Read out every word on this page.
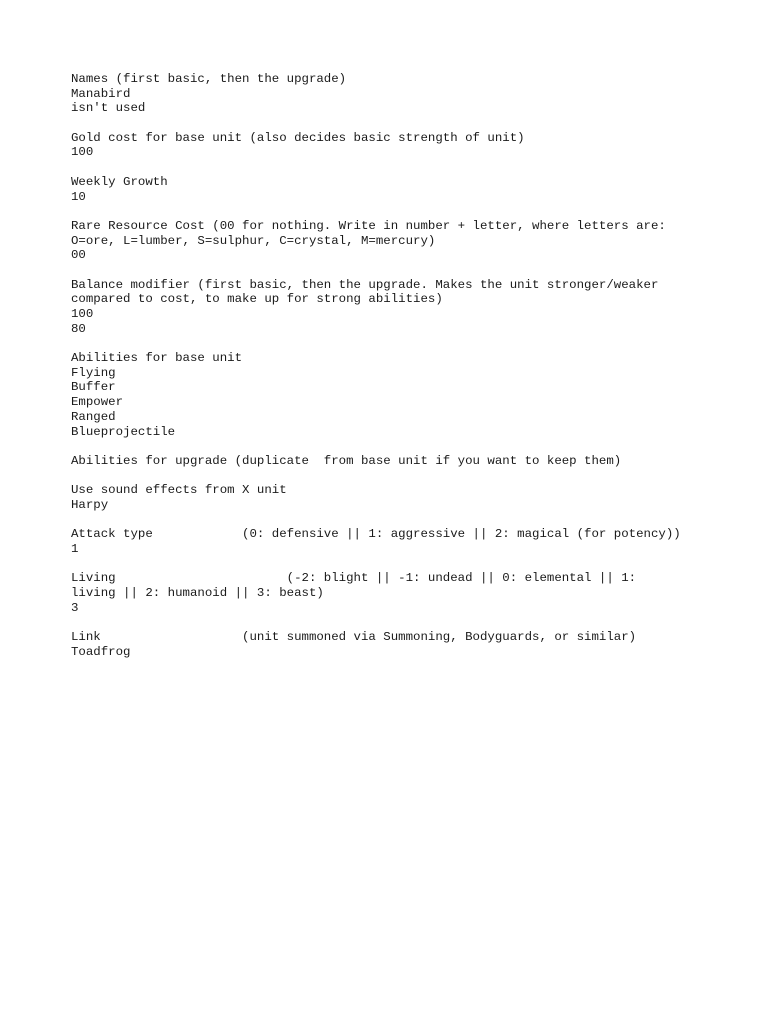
Names (first basic, then the upgrade)
Manabird
isn't used
Gold cost for base unit (also decides basic strength of unit)
100
Weekly Growth
10
Rare Resource Cost (00 for nothing. Write in number + letter, where letters are:
O=ore, L=lumber, S=sulphur, C=crystal, M=mercury)
00
Balance modifier (first basic, then the upgrade. Makes the unit stronger/weaker
compared to cost, to make up for strong abilities)
100
80
Abilities for base unit
Flying
Buffer
Empower
Ranged
Blueprojectile
Abilities for upgrade (duplicate  from base unit if you want to keep them)
Use sound effects from X unit
Harpy
Attack type            (0: defensive || 1: aggressive || 2: magical (for potency))
1
Living                       (-2: blight || -1: undead || 0: elemental || 1:
living || 2: humanoid || 3: beast)
3
Link                   (unit summoned via Summoning, Bodyguards, or similar)
Toadfrog
